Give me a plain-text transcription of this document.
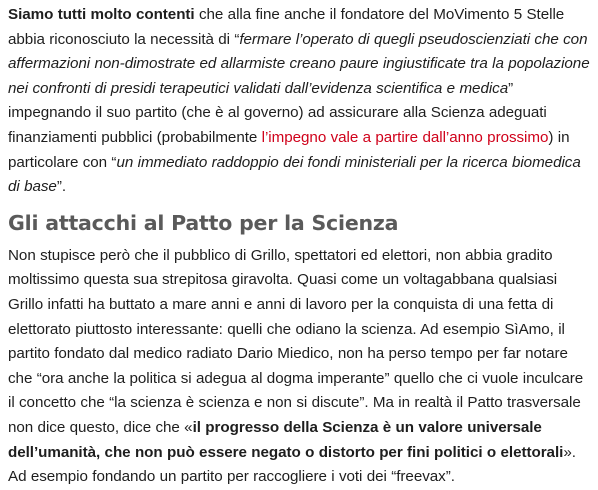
Siamo tutti molto contenti che alla fine anche il fondatore del MoVimento 5 Stelle abbia riconosciuto la necessità di “fermare l’operato di quegli pseudoscienziati che con affermazioni non-dimostrate ed allarmiste creano paure ingiustificate tra la popolazione nei confronti di presidi terapeutici validati dall’evidenza scientifica e medica” impegnando il suo partito (che è al governo) ad assicurare alla Scienza adeguati finanziamenti pubblici (probabilmente l’impegno vale a partire dall’anno prossimo) in particolare con “un immediato raddoppio dei fondi ministeriali per la ricerca biomedica di base”.

Gli attacchi al Patto per la Scienza

Non stupisce però che il pubblico di Grillo, spettatori ed elettori, non abbia gradito moltissimo questa sua strepitosa giravolta. Quasi come un voltagabbana qualsiasi Grillo infatti ha buttato a mare anni e anni di lavoro per la conquista di una fetta di elettorato piuttosto interessante: quelli che odiano la scienza. Ad esempio SìAmo, il partito fondato dal medico radiato Dario Miedico, non ha perso tempo per far notare che “ora anche la politica si adegua al dogma imperante” quello che ci vuole inculcare il concetto che “la scienza è scienza e non si discute”. Ma in realtà il Patto trasversale non dice questo, dice che «il progresso della Scienza è un valore universale dell’umanità, che non può essere negato o distorto per fini politici o elettorali». Ad esempio fondando un partito per raccogliere i voti dei “freevax”.
